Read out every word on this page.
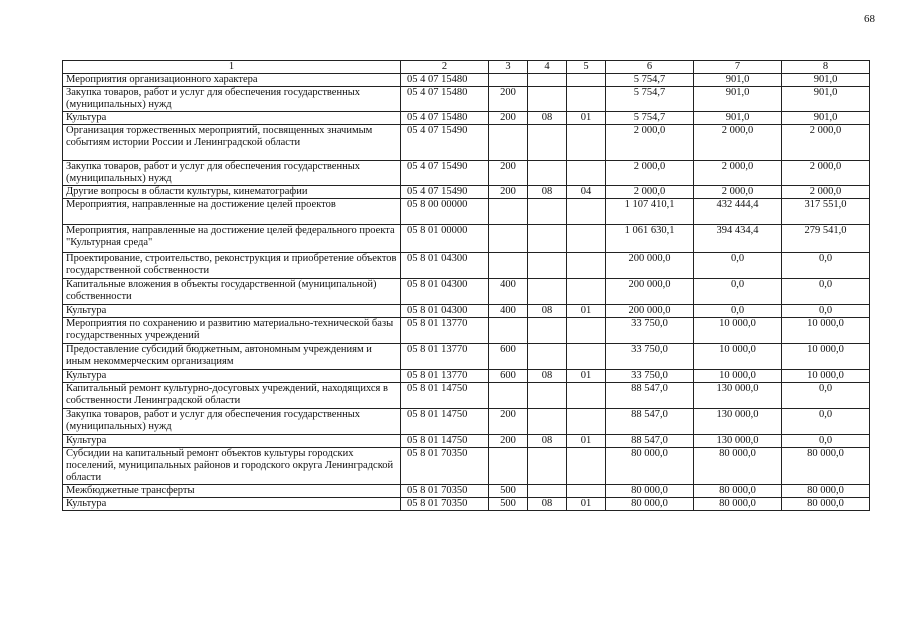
68
1	2	3	4	5	6	7	8
Мероприятия организационного характера	05 4 07 15480				5 754,7	901,0	901,0
Закупка товаров, работ и услуг для обеспечения государственных (муниципальных) нужд	05 4 07 15480	200			5 754,7	901,0	901,0
Культура	05 4 07 15480	200	08	01	5 754,7	901,0	901,0
Организация торжественных мероприятий, посвященных значимым событиям истории России и Ленинградской области	05 4 07 15490				2 000,0	2 000,0	2 000,0
Закупка товаров, работ и услуг для обеспечения государственных (муниципальных) нужд	05 4 07 15490	200			2 000,0	2 000,0	2 000,0
Другие вопросы в области культуры, кинематографии	05 4 07 15490	200	08	04	2 000,0	2 000,0	2 000,0
Мероприятия, направленные на достижение целей проектов	05 8 00 00000				1 107 410,1	432 444,4	317 551,0
Мероприятия, направленные на достижение целей федерального проекта "Культурная среда"	05 8 01 00000				1 061 630,1	394 434,4	279 541,0
Проектирование, строительство, реконструкция и приобретение объектов государственной собственности	05 8 01 04300				200 000,0	0,0	0,0
Капитальные вложения в объекты государственной (муниципальной) собственности	05 8 01 04300	400			200 000,0	0,0	0,0
Культура	05 8 01 04300	400	08	01	200 000,0	0,0	0,0
Мероприятия по сохранению и развитию материально-технической базы государственных учреждений	05 8 01 13770				33 750,0	10 000,0	10 000,0
Предоставление субсидий бюджетным, автономным учреждениям и иным некоммерческим организациям	05 8 01 13770	600			33 750,0	10 000,0	10 000,0
Культура	05 8 01 13770	600	08	01	33 750,0	10 000,0	10 000,0
Капитальный ремонт культурно-досуговых учреждений, находящихся в собственности Ленинградской области	05 8 01 14750				88 547,0	130 000,0	0,0
Закупка товаров, работ и услуг для обеспечения государственных (муниципальных) нужд	05 8 01 14750	200			88 547,0	130 000,0	0,0
Культура	05 8 01 14750	200	08	01	88 547,0	130 000,0	0,0
Субсидии на капитальный ремонт объектов культуры городских поселений, муниципальных районов и городского округа Ленинградской области	05 8 01 70350				80 000,0	80 000,0	80 000,0
Межбюджетные трансферты	05 8 01 70350	500			80 000,0	80 000,0	80 000,0
Культура	05 8 01 70350	500	08	01	80 000,0	80 000,0	80 000,0
